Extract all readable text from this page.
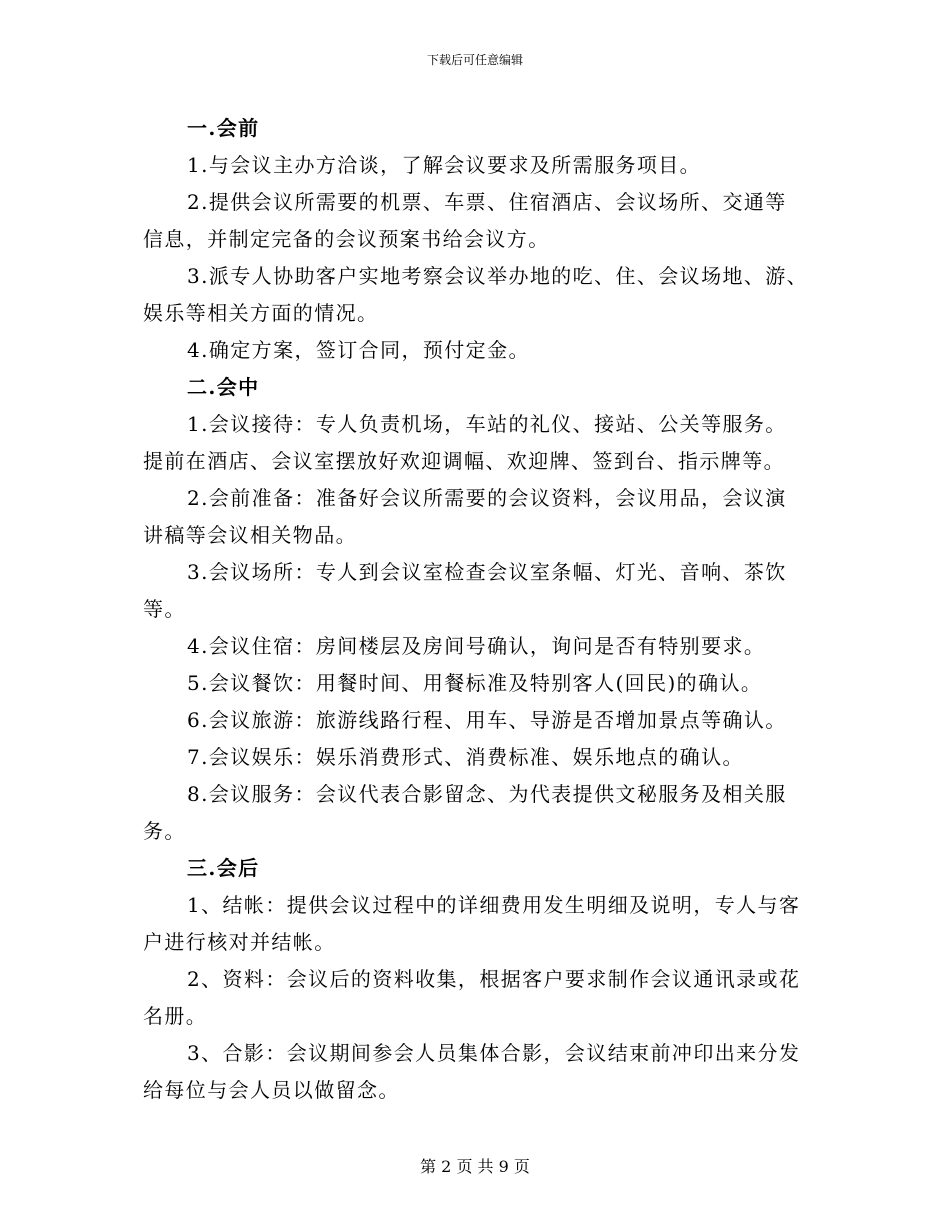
下载后可任意编辑

一.会前

1.与会议主办方洽谈，了解会议要求及所需服务项目。

2.提供会议所需要的机票、车票、住宿酒店、会议场所、交通等

信息，并制定完备的会议预案书给会议方。

3.派专人协助客户实地考察会议举办地的吃、住、会议场地、游、

娱乐等相关方面的情况。

4.确定方案，签订合同，预付定金。

二.会中

1.会议接待：专人负责机场，车站的礼仪、接站、公关等服务。

提前在酒店、会议室摆放好欢迎调幅、欢迎牌、签到台、指示牌等。

2.会前准备：准备好会议所需要的会议资料，会议用品，会议演

讲稿等会议相关物品。

3.会议场所：专人到会议室检查会议室条幅、灯光、音响、茶饮

等。

4.会议住宿：房间楼层及房间号确认，询问是否有特别要求。

5.会议餐饮：用餐时间、用餐标准及特别客人(回民)的确认。

6.会议旅游：旅游线路行程、用车、导游是否增加景点等确认。

7.会议娱乐：娱乐消费形式、消费标准、娱乐地点的确认。

8.会议服务：会议代表合影留念、为代表提供文秘服务及相关服

务。

三.会后

1、结帐：提供会议过程中的详细费用发生明细及说明，专人与客

户进行核对并结帐。

2、资料：会议后的资料收集，根据客户要求制作会议通讯录或花

名册。

3、合影：会议期间参会人员集体合影，会议结束前冲印出来分发

给每位与会人员以做留念。

第 2 页 共 9 页
